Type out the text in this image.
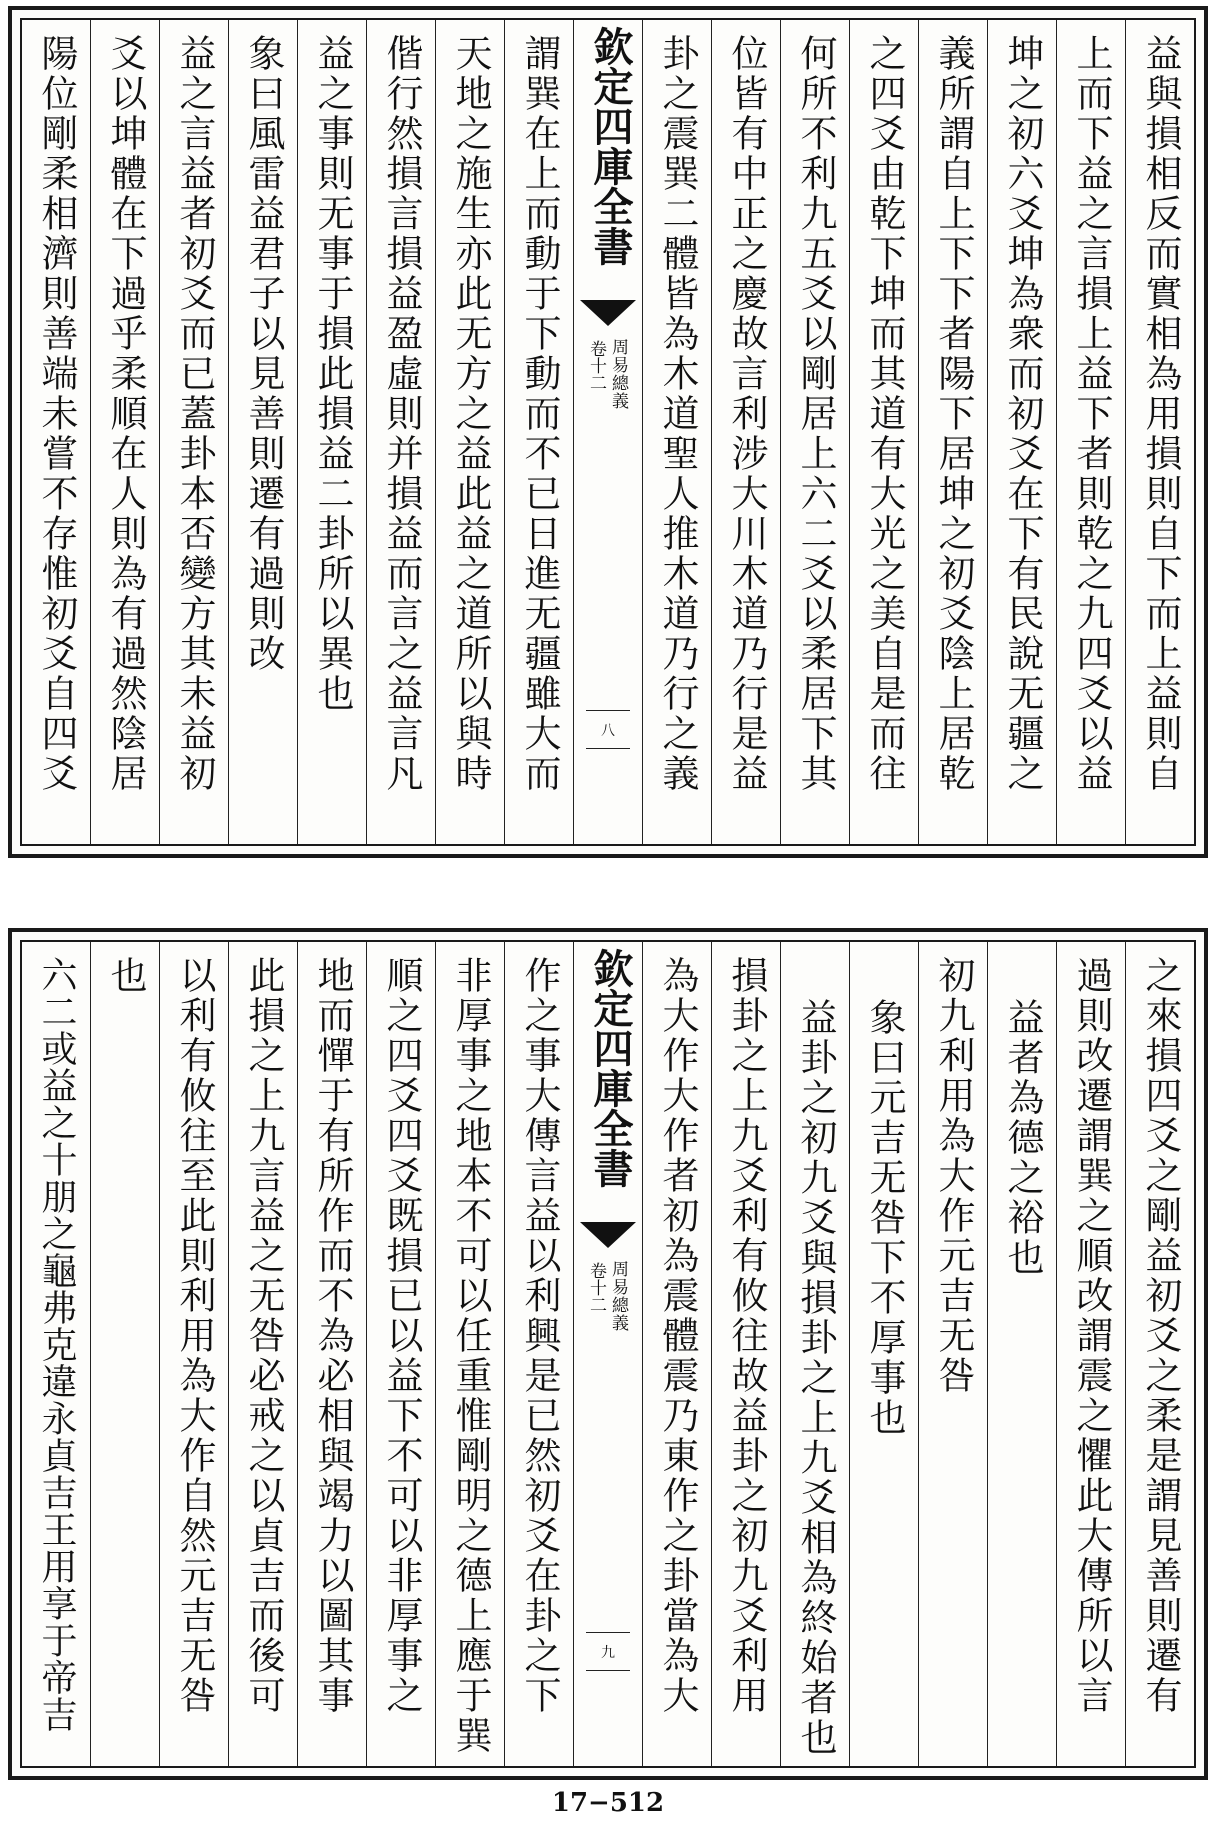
益與損相反而實相為用損則自下而上益則自
上而下益之言損上益下者則乾之九四爻以益
坤之初六爻坤為衆而初爻在下有民說无疆之
義所謂自上下下者陽下居坤之初爻陰上居乾
之四爻由乾下坤而其道有大光之美自是而往
何所不利九五爻以剛居上六二爻以柔居下其
位皆有中正之慶故言利涉大川木道乃行是益
卦之震巽二體皆為木道聖人推木道乃行之義
欽定四庫全書
周易總義
卷十二
八
謂巽在上而動于下動而不已日進无疆雖大而
天地之施生亦此无方之益此益之道所以與時
偕行然損言損益盈虛則并損益而言之益言凡
益之事則无事于損此損益二卦所以異也
象曰風雷益君子以見善則遷有過則改
益之言益者初爻而已蓋卦本否變方其未益初
爻以坤體在下過乎柔順在人則為有過然陰居
陽位剛柔相濟則善端未嘗不存惟初爻自四爻
之來損四爻之剛益初爻之柔是謂見善則遷有
過則改遷謂巽之順改謂震之懼此大傳所以言
益者為德之裕也
初九利用為大作元吉无咎
象曰元吉无咎下不厚事也
益卦之初九爻與損卦之上九爻相為終始者也
損卦之上九爻利有攸往故益卦之初九爻利用
為大作大作者初為震體震乃東作之卦當為大
欽定四庫全書
周易總義
卷十二
九
作之事大傳言益以利興是已然初爻在卦之下
非厚事之地本不可以任重惟剛明之德上應于巽
順之四爻四爻既損已以益下不可以非厚事之
地而憚于有所作而不為必相與竭力以圖其事
此損之上九言益之无咎必戒之以貞吉而後可
以利有攸往至此則利用為大作自然元吉无咎
也
六二或益之十朋之龜弗克違永貞吉王用享于帝吉
17−512
